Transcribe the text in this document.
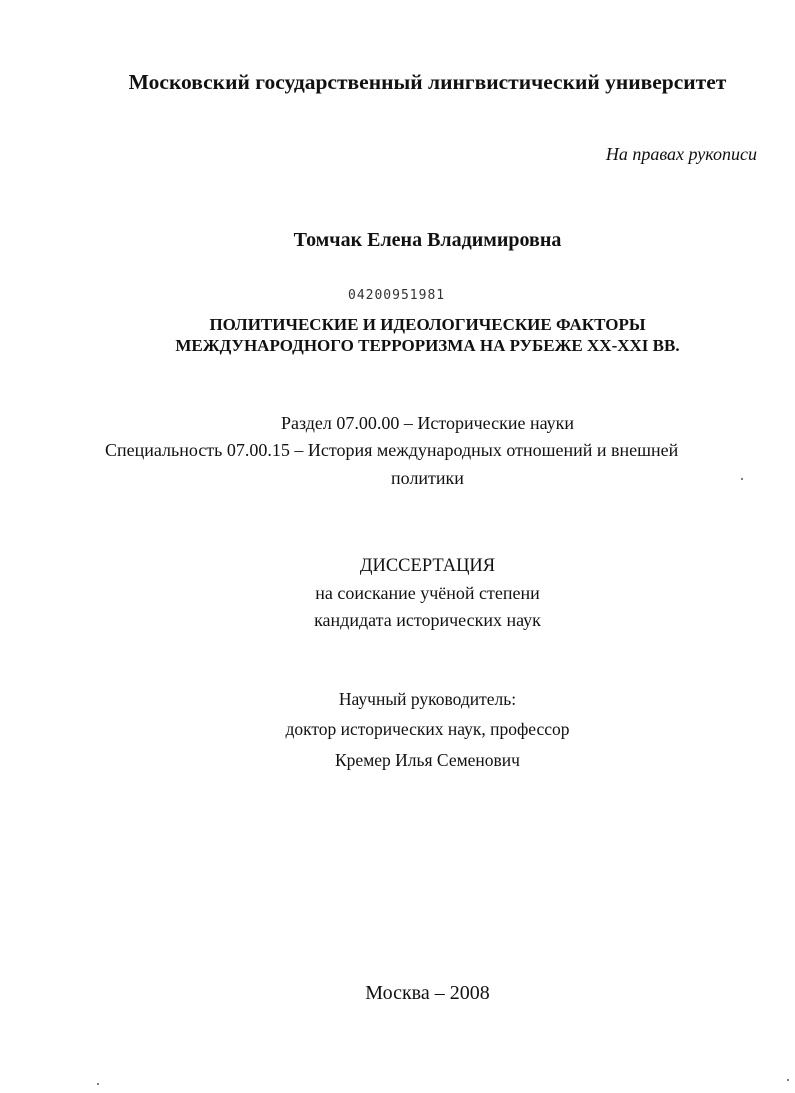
Московский государственный лингвистический университет
На правах рукописи
Томчак Елена Владимировна
04200951981
ПОЛИТИЧЕСКИЕ И ИДЕОЛОГИЧЕСКИЕ ФАКТОРЫ
МЕЖДУНАРОДНОГО ТЕРРОРИЗМА НА РУБЕЖЕ XX-XXI ВВ.
Раздел 07.00.00 – Исторические науки
Специальность 07.00.15 – История международных отношений и внешней
политики
ДИССЕРТАЦИЯ
на соискание учёной степени
кандидата исторических наук
Научный руководитель:
доктор исторических наук, профессор
Кремер Илья Семенович
Москва – 2008
